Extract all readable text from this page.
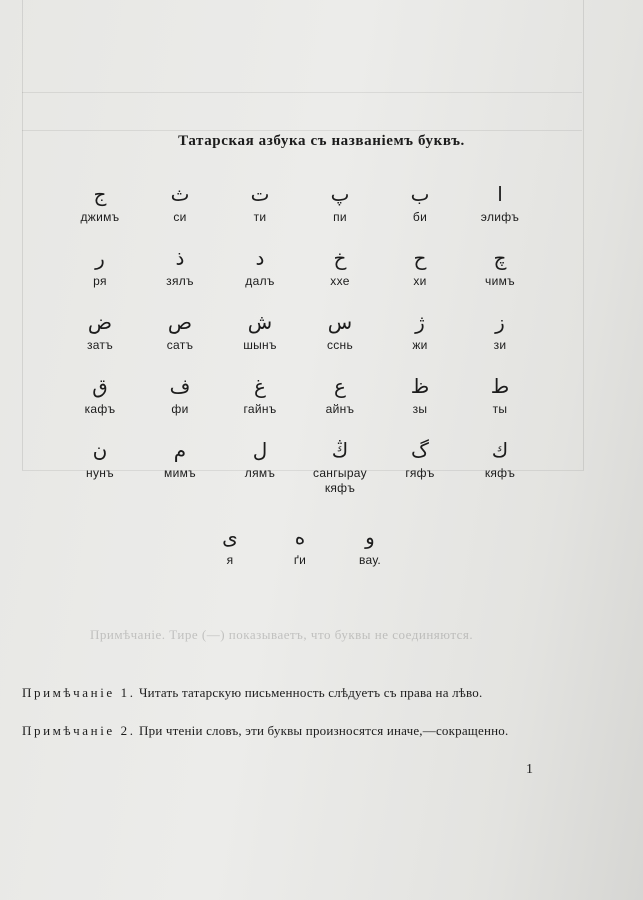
Татарская азбука съ названіемъ буквъ.
ا
элифъ
ب
би
پ
пи
ت
ти
ث
си
ج
джимъ
چ
чимъ
ح
хи
خ
ххе
د
далъ
ذ
зялъ
ر
ря
ز
зи
ژ
жи
س
сснь
ش
шынъ
ص
сатъ
ض
затъ
ط
ты
ظ
зы
ع
айнъ
غ
гайнъ
ف
фи
ق
кафъ
ك
кяфъ
گ
гяфъ
ڭ
сангырау кяфъ
ل
лямъ
م
мимъ
ن
нунъ
و
вау.
ه
ґи
ى
я
Примѣчаніе. Тире (—) показываетъ, что буквы не соединяются.
Примѣчаніе 1. Читать татарскую письменность слѣдуетъ съ права на лѣво.
Примѣчаніе 2. При чтеніи словъ, эти буквы произносятся иначе,—сокращенно.
1
